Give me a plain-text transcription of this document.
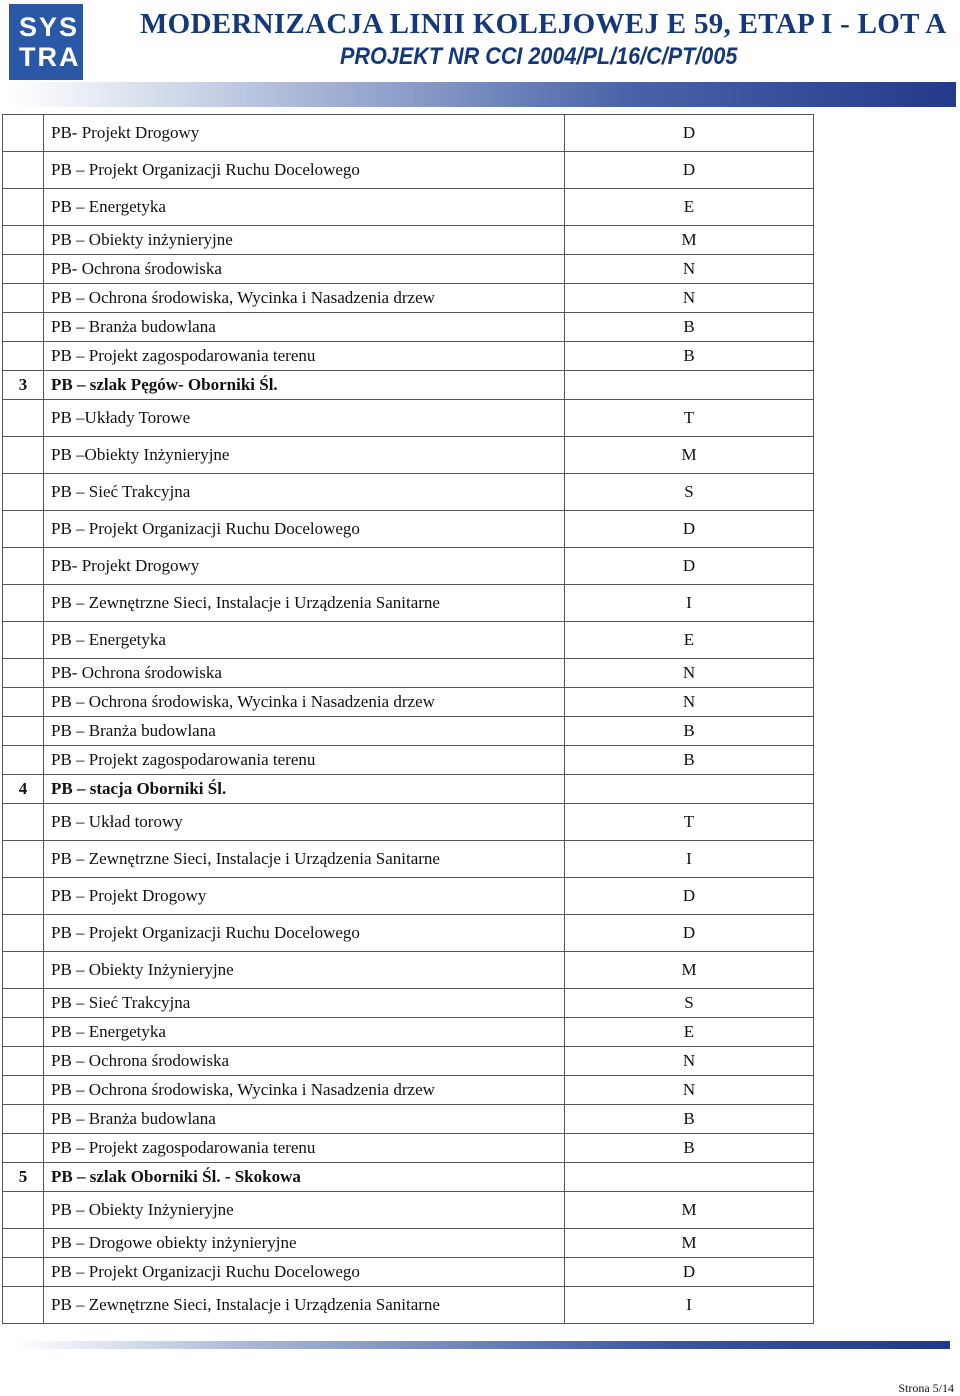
SYS
TRA
MODERNIZACJA LINII KOLEJOWEJ E 59, ETAP I - LOT A
PROJEKT NR CCI 2004/PL/16/C/PT/005
	PB- Projekt Drogowy	D
	PB – Projekt Organizacji Ruchu Docelowego	D
	PB – Energetyka	E
	PB – Obiekty inżynieryjne	M
	PB- Ochrona środowiska	N
	PB – Ochrona środowiska, Wycinka i Nasadzenia drzew	N
	PB – Branża budowlana	B
	PB – Projekt zagospodarowania terenu	B
3	PB – szlak Pęgów- Oborniki Śl.	
	PB –Układy Torowe	T
	PB –Obiekty Inżynieryjne	M
	PB – Sieć Trakcyjna	S
	PB – Projekt Organizacji Ruchu Docelowego	D
	PB- Projekt Drogowy	D
	PB – Zewnętrzne Sieci, Instalacje i Urządzenia Sanitarne	I
	PB – Energetyka	E
	PB- Ochrona środowiska	N
	PB – Ochrona środowiska, Wycinka i Nasadzenia drzew	N
	PB – Branża budowlana	B
	PB – Projekt zagospodarowania terenu	B
4	PB – stacja Oborniki Śl.	
	PB – Układ torowy	T
	PB – Zewnętrzne Sieci, Instalacje i Urządzenia Sanitarne	I
	PB – Projekt Drogowy	D
	PB – Projekt Organizacji Ruchu Docelowego	D
	PB – Obiekty Inżynieryjne	M
	PB – Sieć Trakcyjna	S
	PB – Energetyka	E
	PB – Ochrona środowiska	N
	PB – Ochrona środowiska, Wycinka i Nasadzenia drzew	N
	PB – Branża budowlana	B
	PB – Projekt zagospodarowania terenu	B
5	PB – szlak Oborniki Śl. - Skokowa	
	PB – Obiekty Inżynieryjne	M
	PB – Drogowe obiekty inżynieryjne	M
	PB – Projekt Organizacji Ruchu Docelowego	D
	PB – Zewnętrzne Sieci, Instalacje i Urządzenia Sanitarne	I
Strona 5/14
